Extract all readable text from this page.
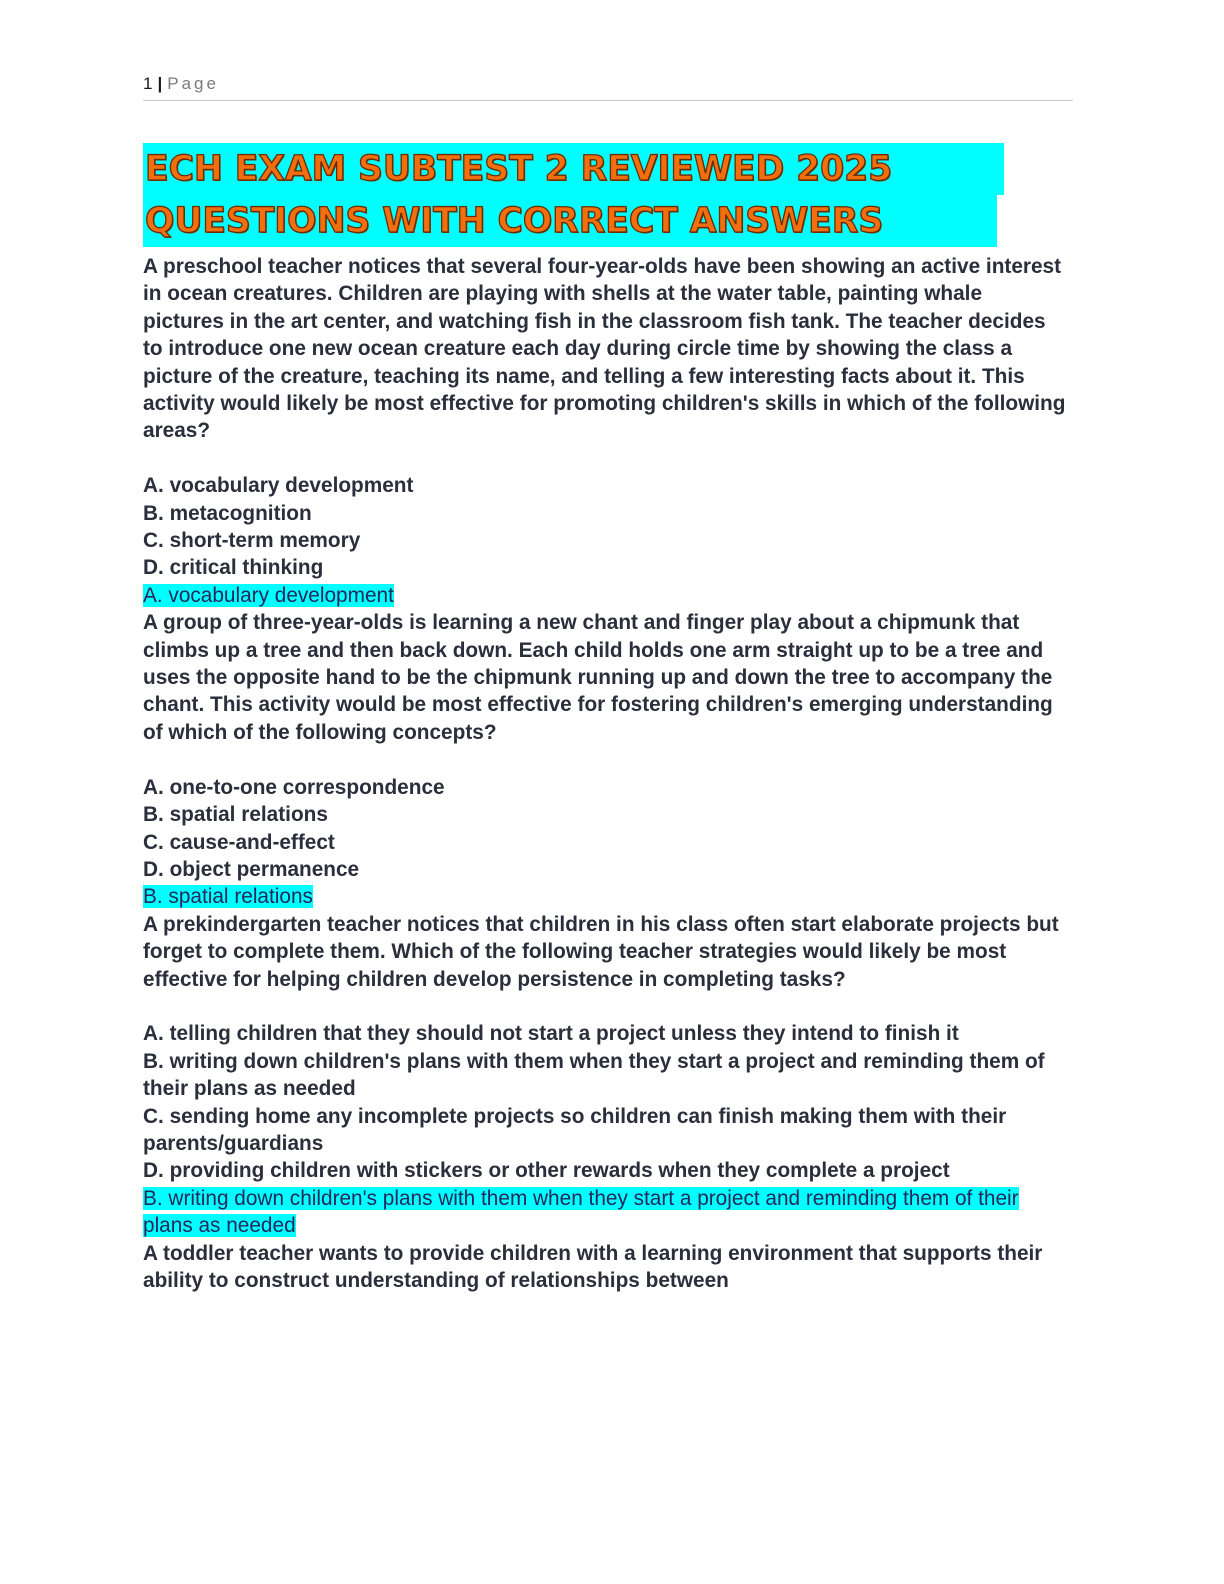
1 | Page
ECH EXAM SUBTEST 2 REVIEWED 2025
QUESTIONS WITH CORRECT ANSWERS

A preschool teacher notices that several four-year-olds have been showing an active interest in ocean creatures. Children are playing with shells at the water table, painting whale pictures in the art center, and watching fish in the classroom fish tank. The teacher decides to introduce one new ocean creature each day during circle time by showing the class a picture of the creature, teaching its name, and telling a few interesting facts about it. This activity would likely be most effective for promoting children's skills in which of the following areas?

A. vocabulary development
B. metacognition
C. short-term memory
D. critical thinking

A. vocabulary development

A group of three-year-olds is learning a new chant and finger play about a chipmunk that climbs up a tree and then back down. Each child holds one arm straight up to be a tree and uses the opposite hand to be the chipmunk running up and down the tree to accompany the chant. This activity would be most effective for fostering children's emerging understanding of which of the following concepts?

A. one-to-one correspondence
B. spatial relations
C. cause-and-effect
D. object permanence

B. spatial relations

A prekindergarten teacher notices that children in his class often start elaborate projects but forget to complete them. Which of the following teacher strategies would likely be most effective for helping children develop persistence in completing tasks?

A. telling children that they should not start a project unless they intend to finish it
B. writing down children's plans with them when they start a project and reminding them of their plans as needed
C. sending home any incomplete projects so children can finish making them with their parents/guardians
D. providing children with stickers or other rewards when they complete a project

B. writing down children's plans with them when they start a project and reminding them of their plans as needed

A toddler teacher wants to provide children with a learning environment that supports their ability to construct understanding of relationships between
